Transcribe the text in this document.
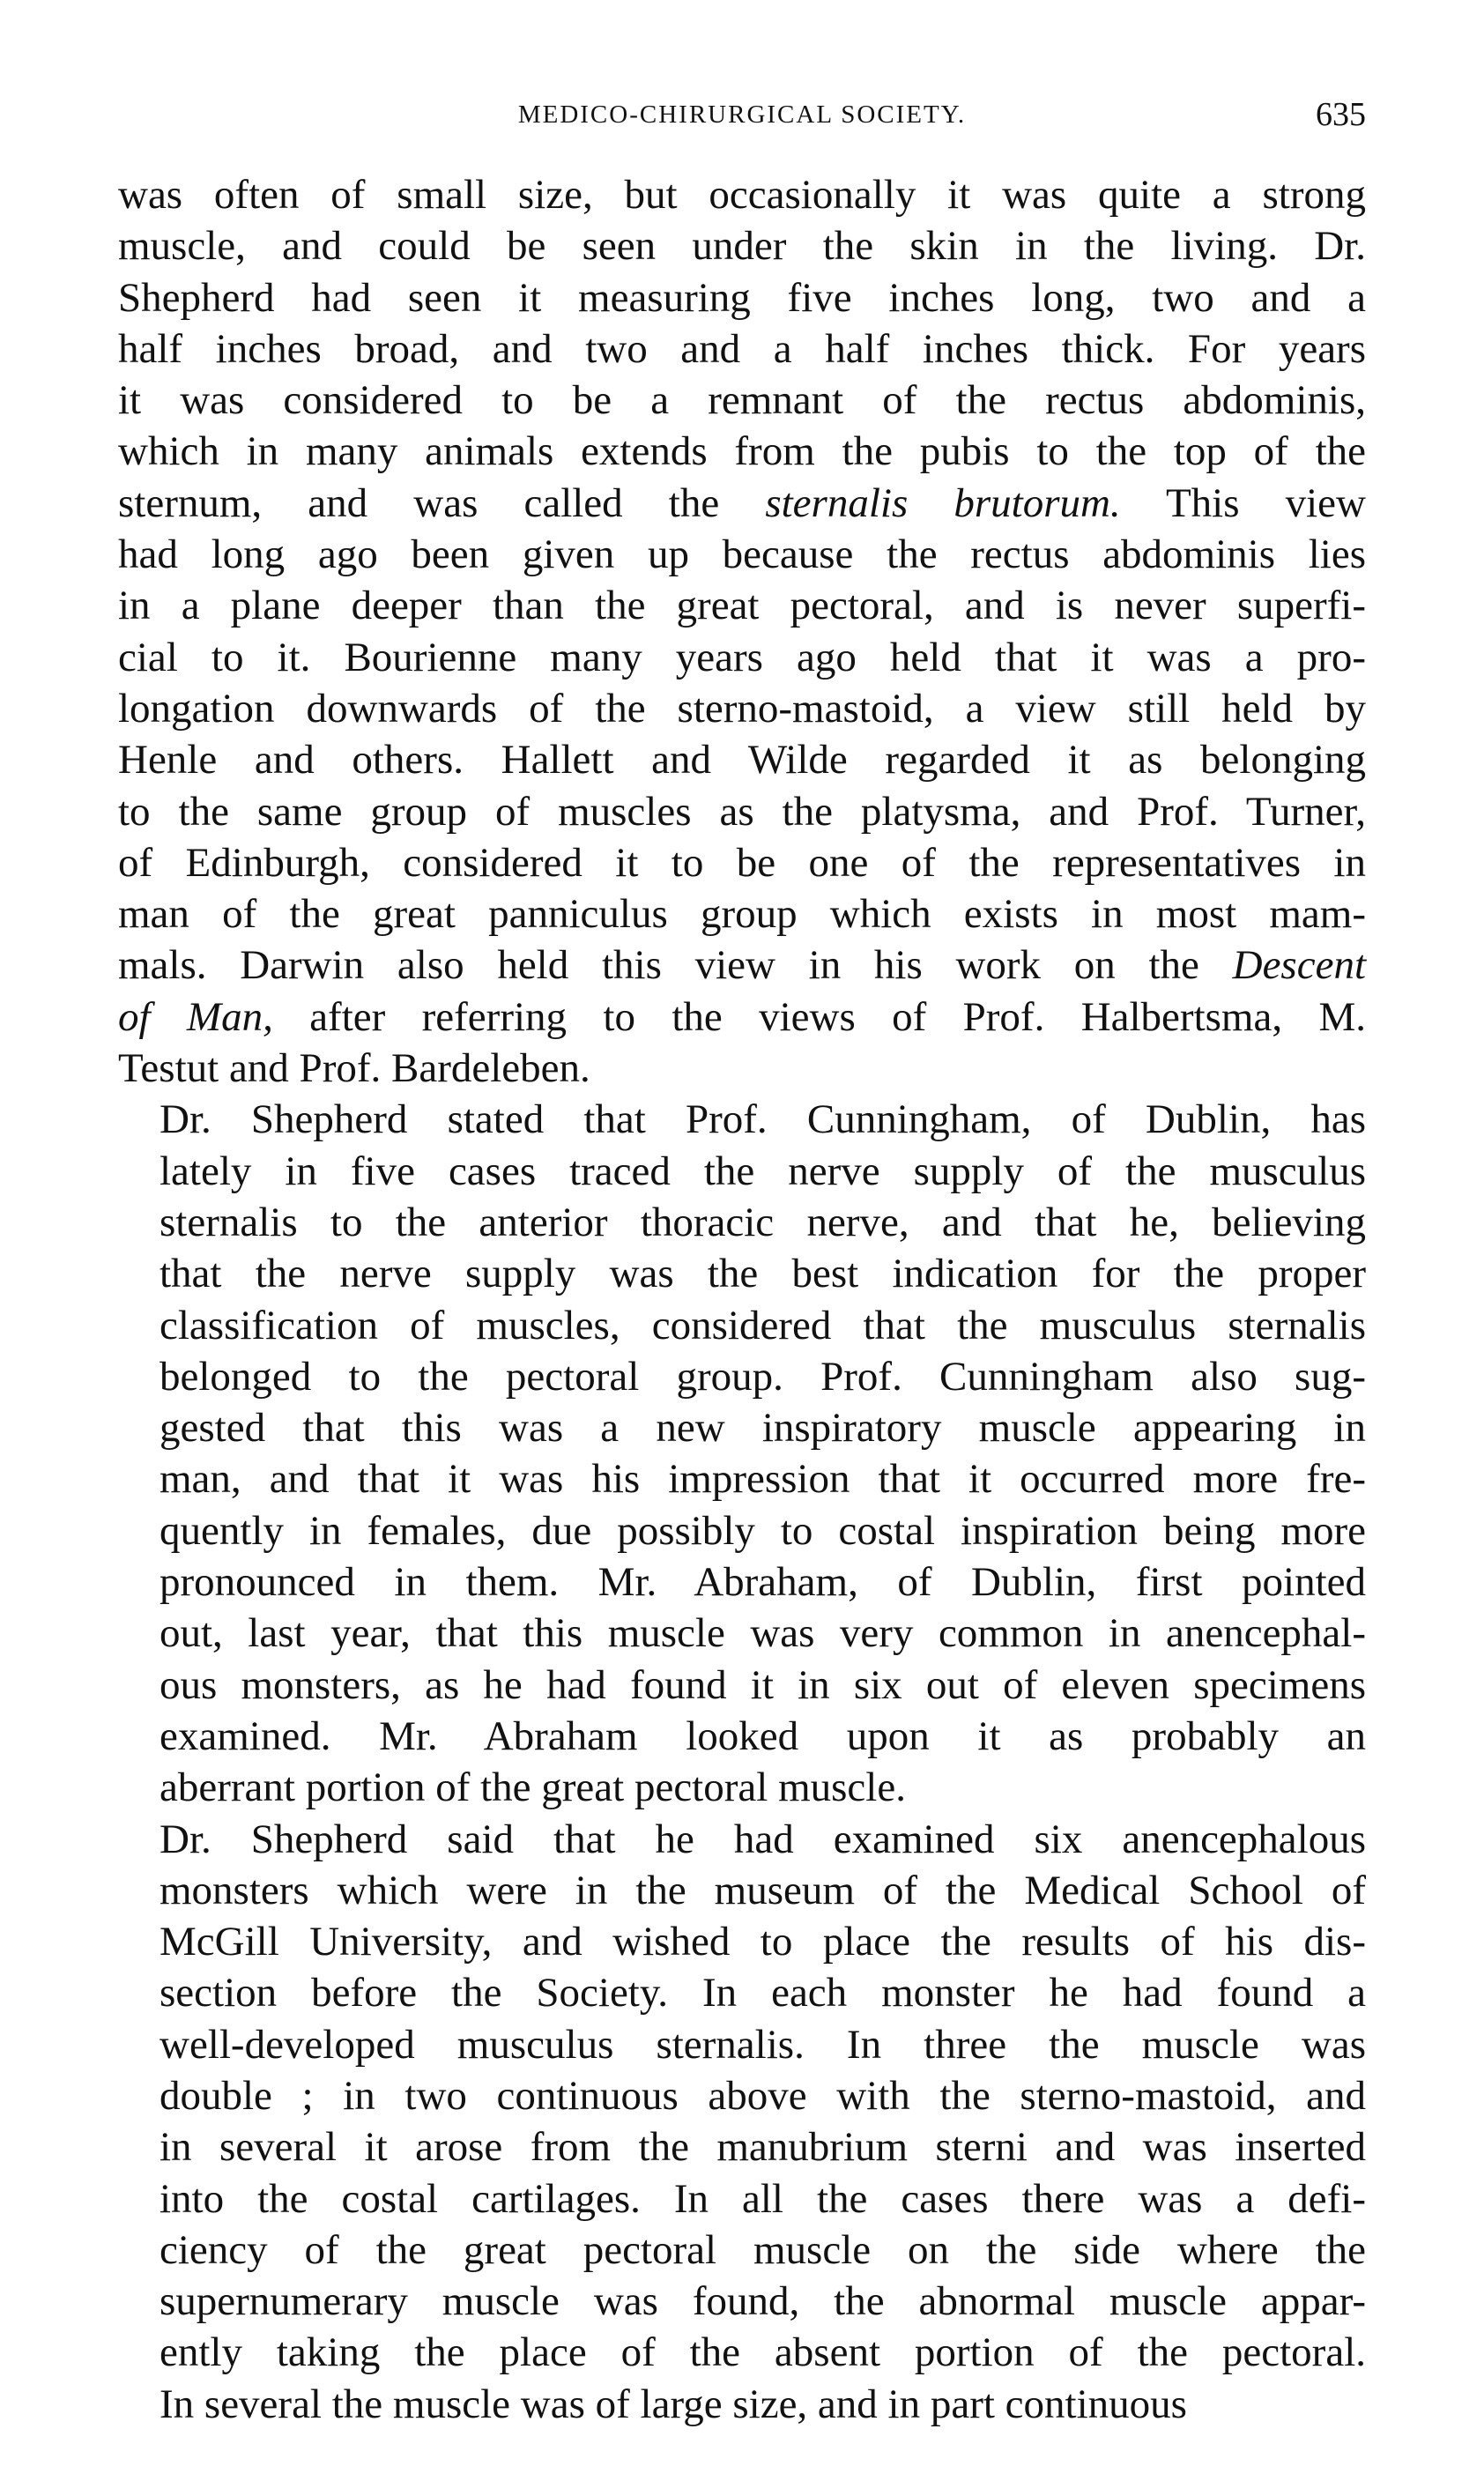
MEDICO-CHIRURGICAL SOCIETY.	635

was often of small size, but occasionally it was quite a strong
muscle, and could be seen under the skin in the living. Dr.
Shepherd had seen it measuring five inches long, two and a
half inches broad, and two and a half inches thick. For years
it was considered to be a remnant of the rectus abdominis,
which in many animals extends from the pubis to the top of the
sternum, and was called the sternalis brutorum. This view
had long ago been given up because the rectus abdominis lies
in a plane deeper than the great pectoral, and is never superfi-
cial to it. Bourienne many years ago held that it was a pro-
longation downwards of the sterno-mastoid, a view still held by
Henle and others. Hallett and Wilde regarded it as belonging
to the same group of muscles as the platysma, and Prof. Turner,
of Edinburgh, considered it to be one of the representatives in
man of the great panniculus group which exists in most mam-
mals. Darwin also held this view in his work on the Descent
of Man, after referring to the views of Prof. Halbertsma, M.
Testut and Prof. Bardeleben.

Dr. Shepherd stated that Prof. Cunningham, of Dublin, has
lately in five cases traced the nerve supply of the musculus
sternalis to the anterior thoracic nerve, and that he, believing
that the nerve supply was the best indication for the proper
classification of muscles, considered that the musculus sternalis
belonged to the pectoral group. Prof. Cunningham also sug-
gested that this was a new inspiratory muscle appearing in
man, and that it was his impression that it occurred more fre-
quently in females, due possibly to costal inspiration being more
pronounced in them. Mr. Abraham, of Dublin, first pointed
out, last year, that this muscle was very common in anencephal-
ous monsters, as he had found it in six out of eleven specimens
examined. Mr. Abraham looked upon it as probably an
aberrant portion of the great pectoral muscle.

Dr. Shepherd said that he had examined six anencephalous
monsters which were in the museum of the Medical School of
McGill University, and wished to place the results of his dis-
section before the Society. In each monster he had found a
well-developed musculus sternalis. In three the muscle was
double ; in two continuous above with the sterno-mastoid, and
in several it arose from the manubrium sterni and was inserted
into the costal cartilages. In all the cases there was a defi-
ciency of the great pectoral muscle on the side where the
supernumerary muscle was found, the abnormal muscle appar-
ently taking the place of the absent portion of the pectoral.
In several the muscle was of large size, and in part continuous
